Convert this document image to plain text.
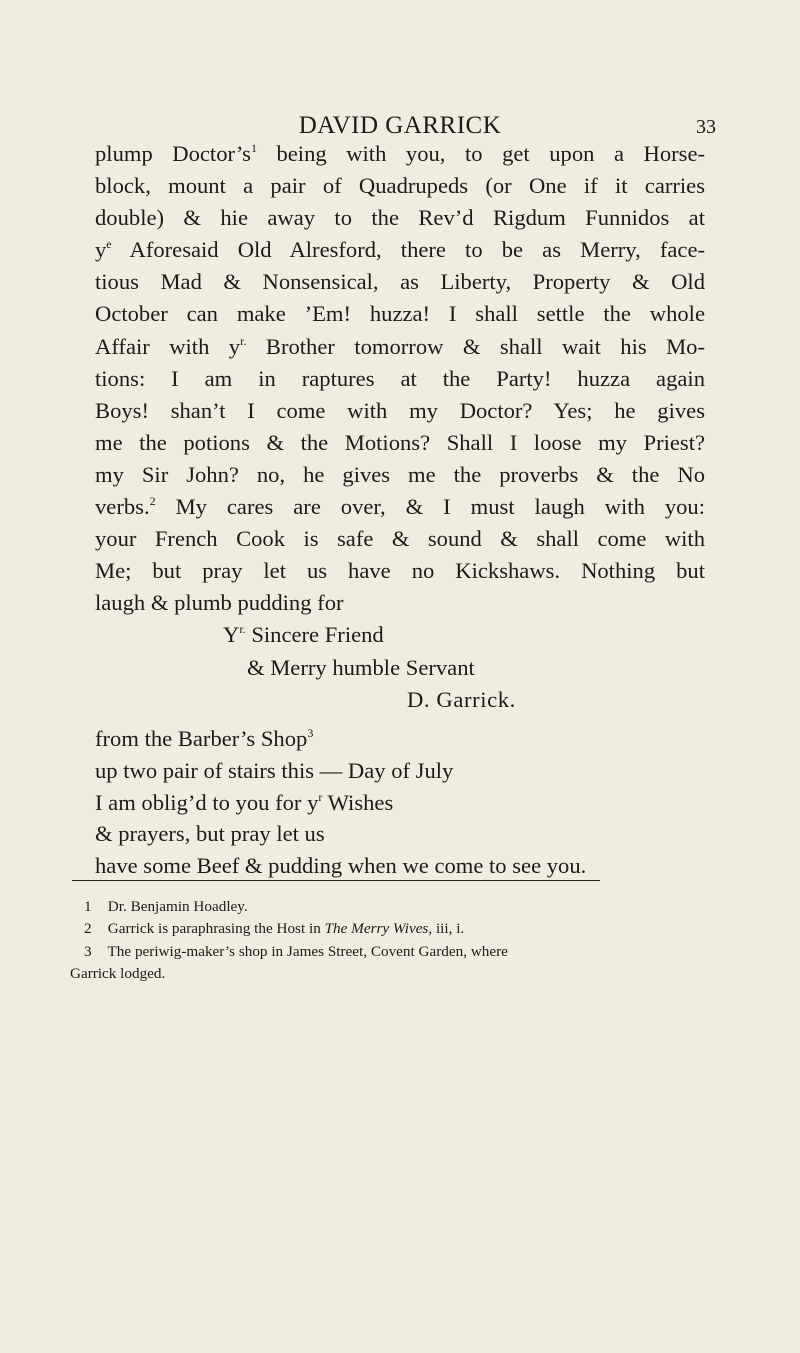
DAVID GARRICK	33
plump $Doctor’s^1$ being with you, to get upon a Horse-
block, mount a pair of Quadrupeds (or One if it carries
double) & hie away to the Rev’d Rigdum Funnidos at
$y^e$ Aforesaid Old Alresford, there to be as Merry, face-
tious Mad & Nonsensical, as Liberty, Property & Old
October can make ’Em! huzza! I shall settle the whole
Affair with $y^{r.}$ Brother tomorrow & shall wait his Mo-
tions: I am in raptures at the Party! huzza again
Boys! shan’t I come with my Doctor? Yes; he gives
me the potions & the Motions? Shall I loose my Priest?
my Sir John? no, he gives me the proverbs & the No
verbs.$^2$ My cares are over, & I must laugh with you:
your French Cook is safe & sound & shall come with
Me; but pray let us have no Kickshaws. Nothing but
laugh & plumb pudding for
$Y^{r.}$ Sincere Friend
& Merry humble Servant
D. Garrick.
from the Barber’s Shop$^3$
up two pair of stairs this — Day of July
I am oblig’d to you for $y^r$ Wishes
& prayers, but pray let us
have some Beef & pudding when we come to see you.
1 Dr. Benjamin Hoadley.
2 Garrick is paraphrasing the Host in The Merry Wives, iii, i.
3 The periwig-maker’s shop in James Street, Covent Garden, where
Garrick lodged.
